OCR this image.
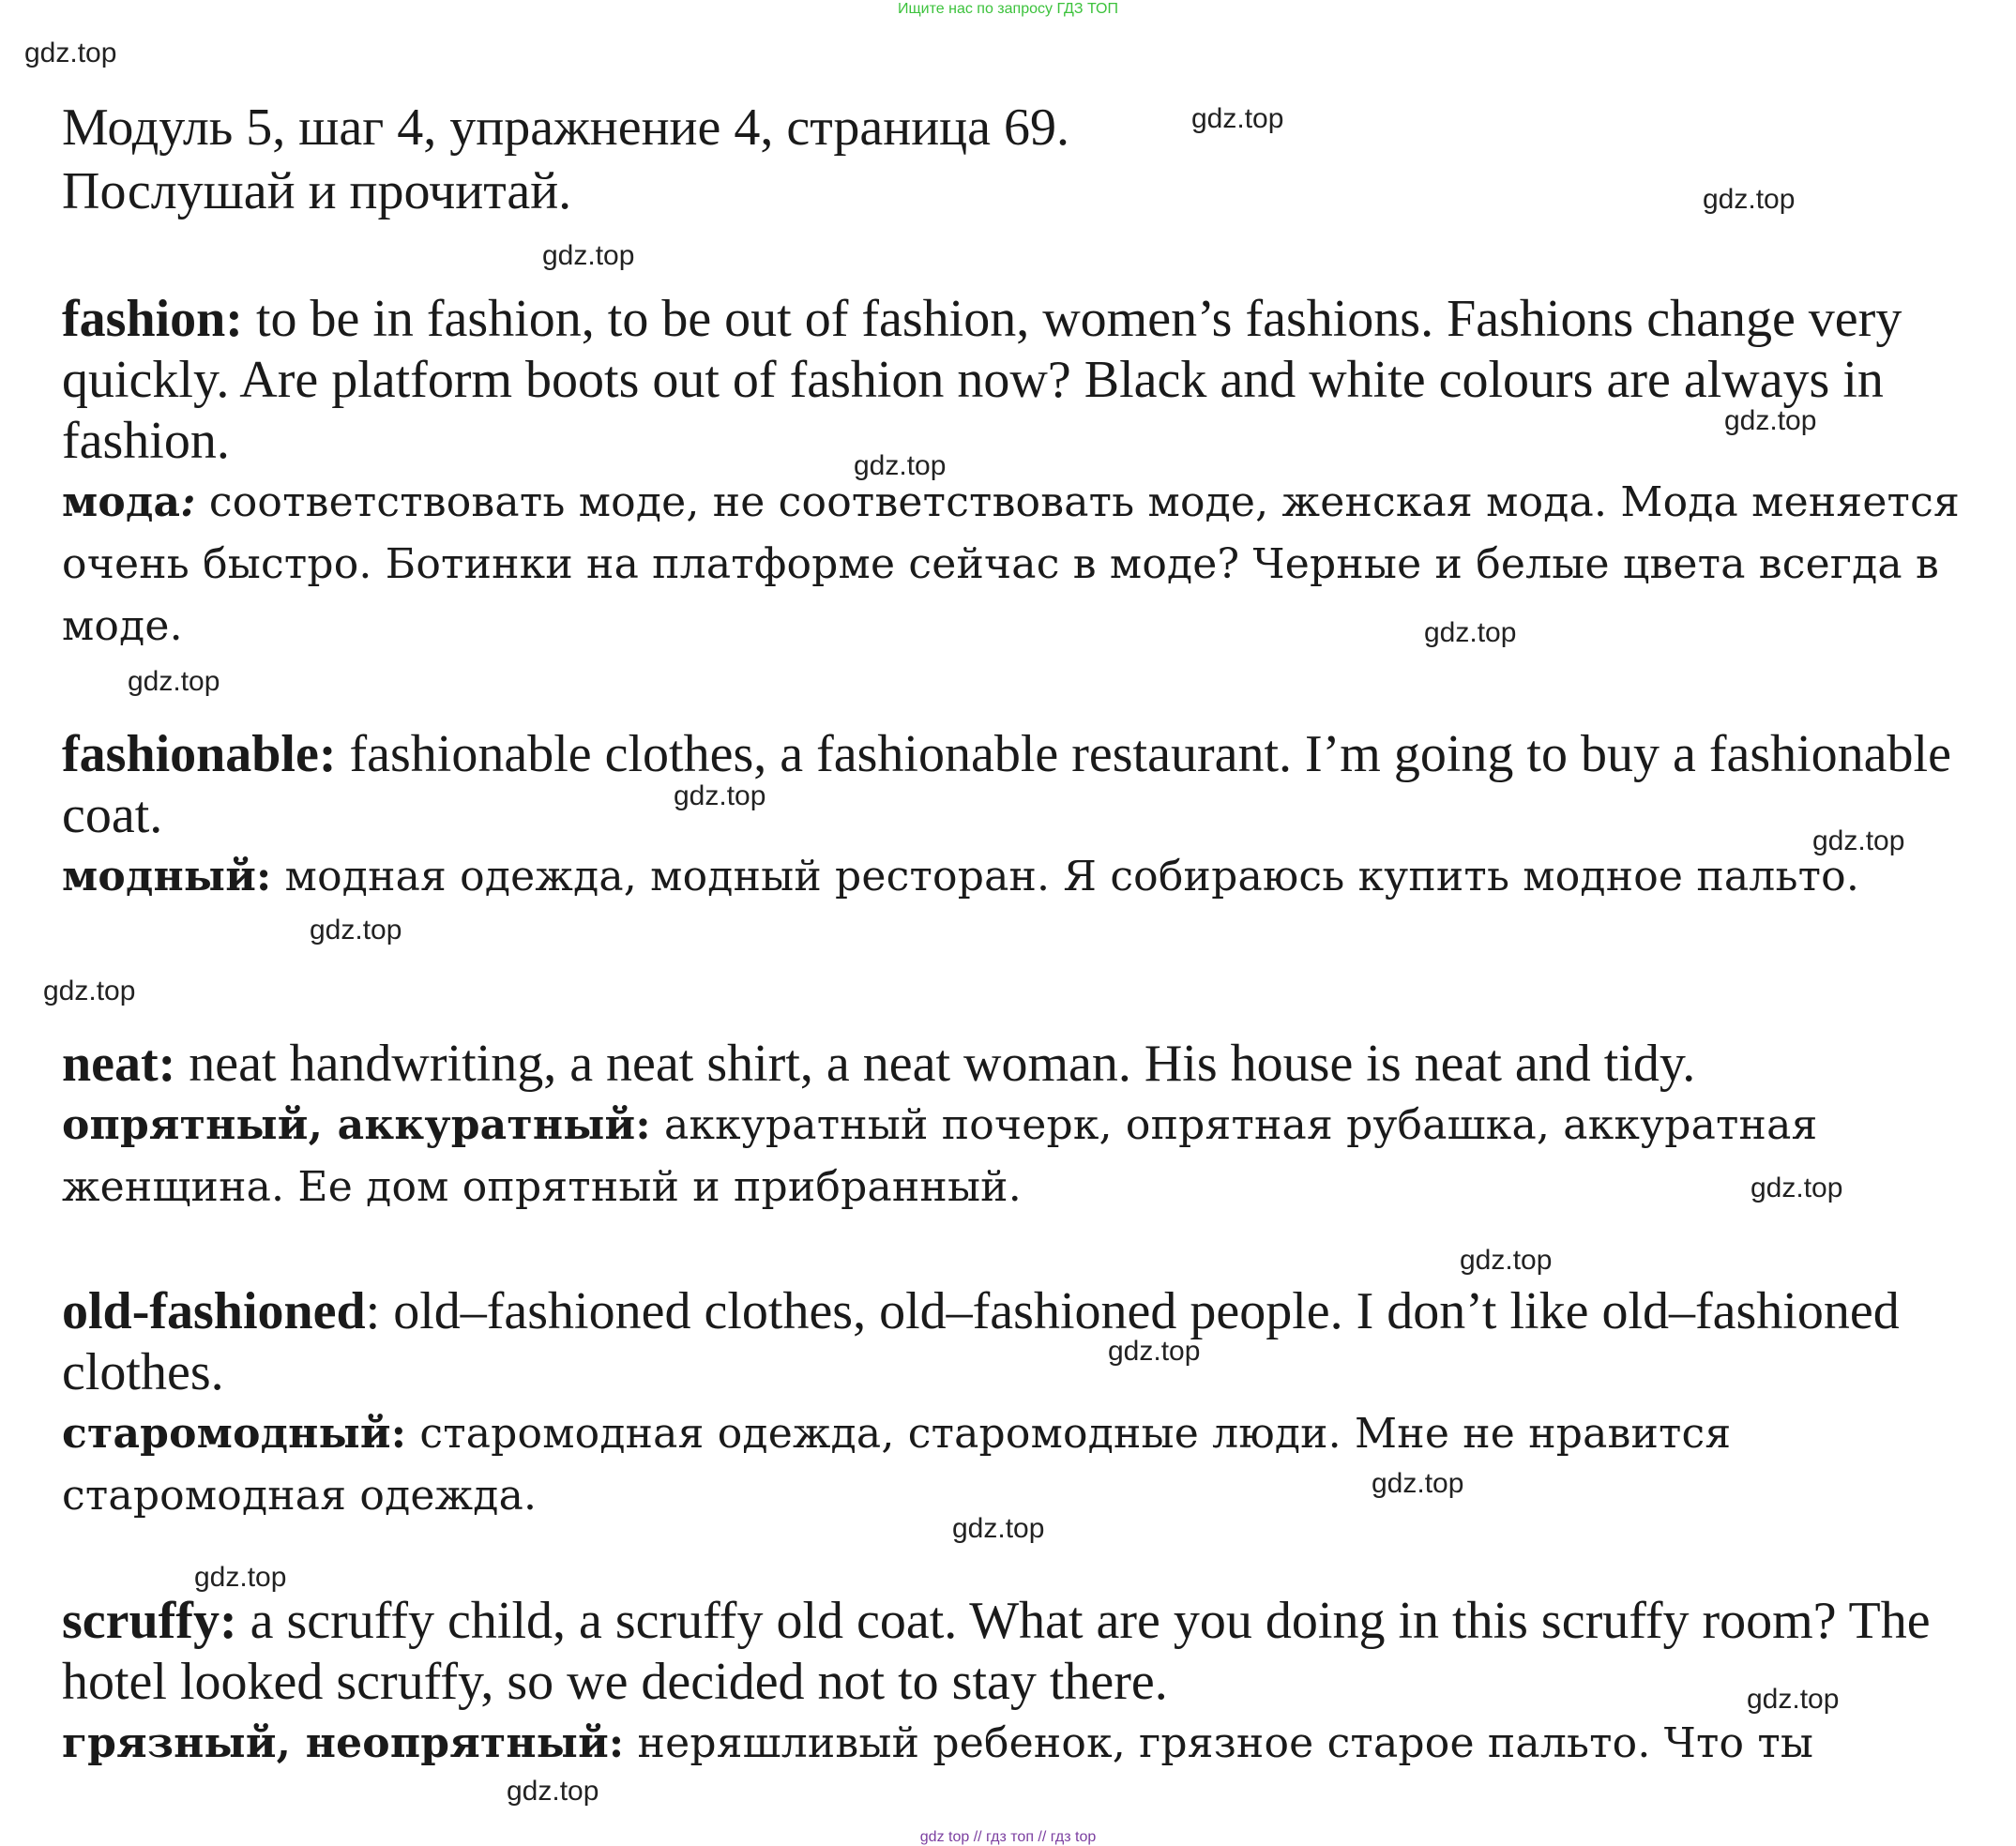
Ищите нас по запросу ГДЗ ТОП
Модуль 5, шаг 4, упражнение 4, страница 69.
Послушай и прочитай.

fashion: to be in fashion, to be out of fashion, women’s fashions. Fashions change very quickly. Are platform boots out of fashion now? Black and white colours are always in fashion.

мода: соответствовать моде, не соответствовать моде, женская мода. Мода меняется очень быстро. Ботинки на платформе сейчас в моде? Черные и белые цвета всегда в моде.

fashionable: fashionable clothes, a fashionable restaurant. I’m going to buy a fashionable coat.

модный: модная одежда, модный ресторан. Я собираюсь купить модное пальто.

neat: neat handwriting, a neat shirt, a neat woman. His house is neat and tidy.

опрятный, аккуратный: аккуратный почерк, опрятная рубашка, аккуратная женщина. Ее дом опрятный и прибранный.

old-fashioned: old–fashioned clothes, old–fashioned people. I don’t like old–fashioned clothes.

старомодный: старомодная одежда, старомодные люди. Мне не нравится старомодная одежда.

scruffy: a scruffy child, a scruffy old coat. What are you doing in this scruffy room? The hotel looked scruffy, so we decided not to stay there.

грязный, неопрятный: неряшливый ребенок, грязное старое пальто. Что ты

gdz.top
gdz.top
gdz.top
gdz.top
gdz.top
gdz.top
gdz.top
gdz.top
gdz.top
gdz.top
gdz.top
gdz.top
gdz.top
gdz.top
gdz.top
gdz.top
gdz.top
gdz.top
gdz.top
gdz.top
gdz top // гдз топ // гдз top
